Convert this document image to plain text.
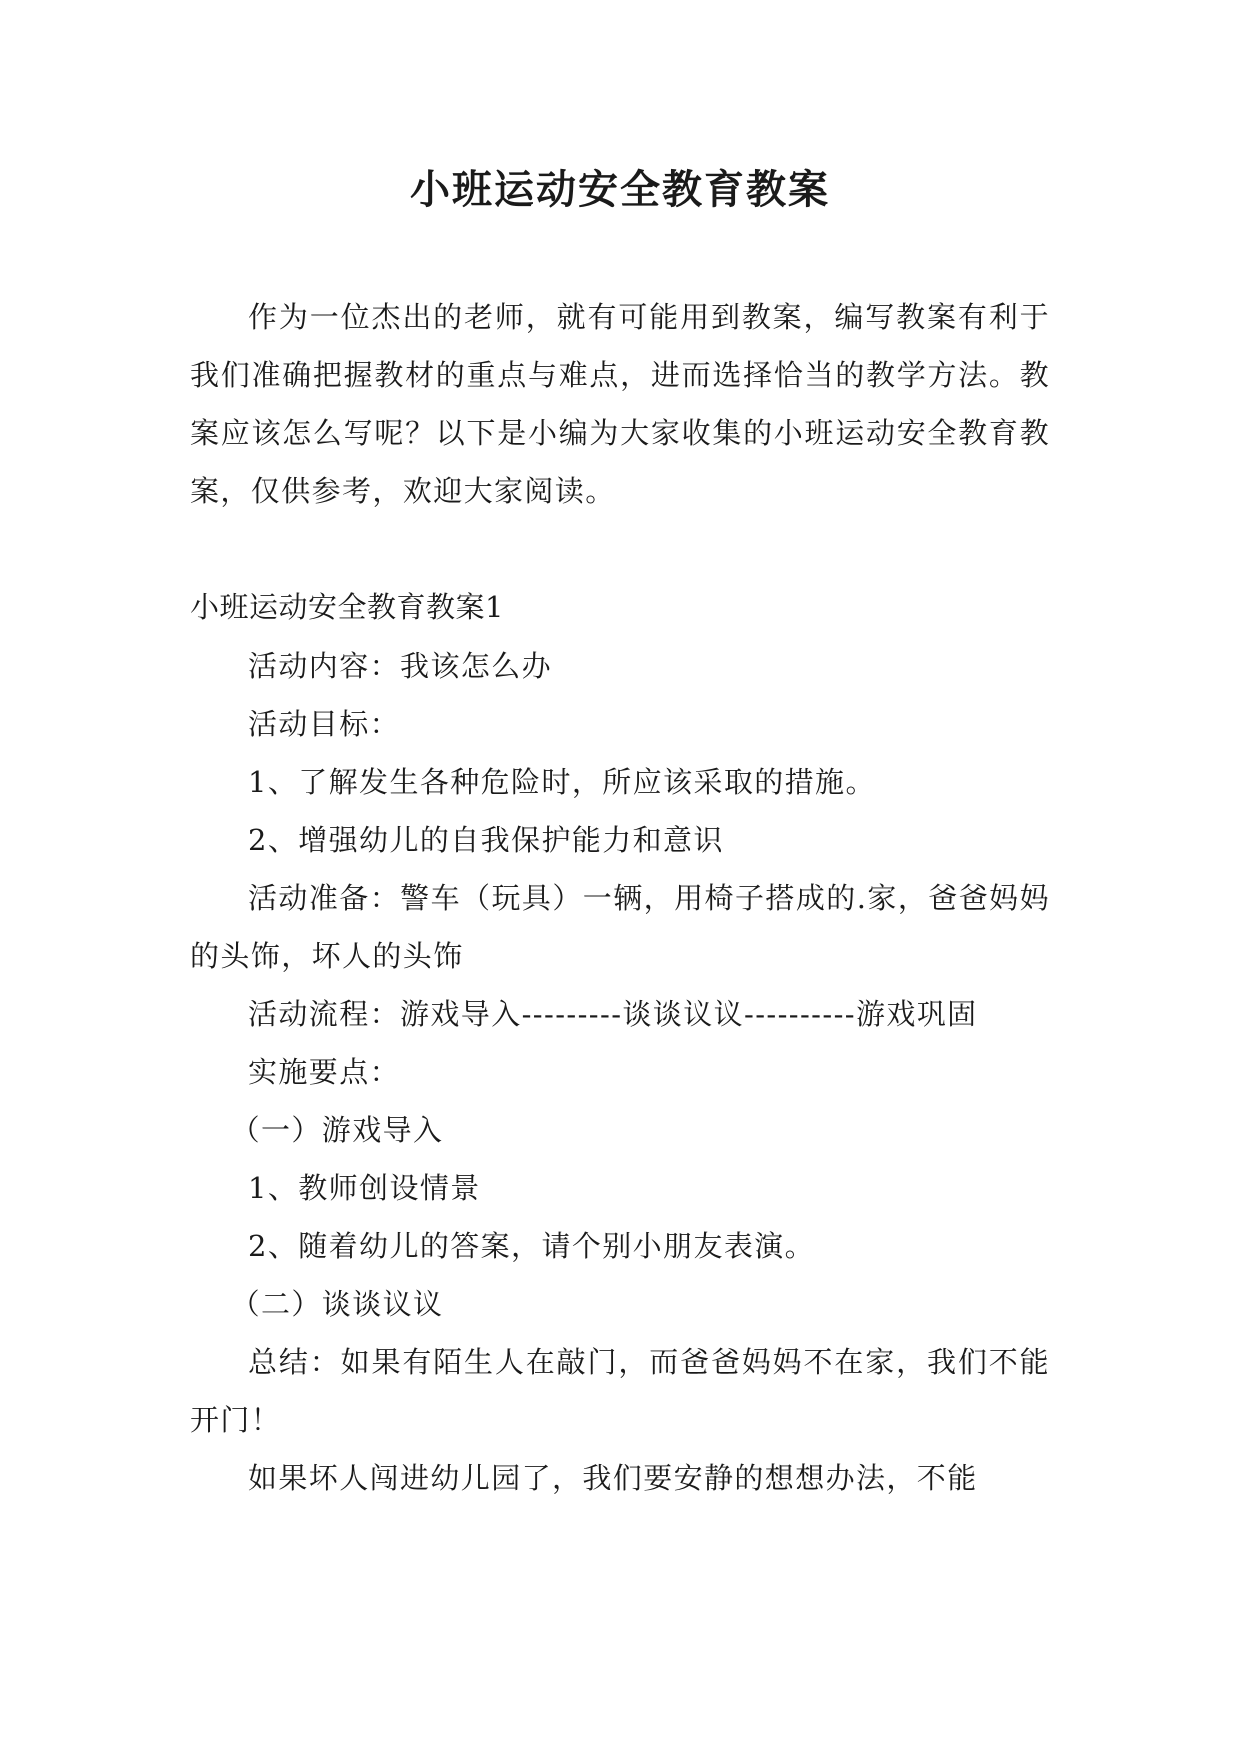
小班运动安全教育教案

作为一位杰出的老师，就有可能用到教案，编写教案有利于我们准确把握教材的重点与难点，进而选择恰当的教学方法。教案应该怎么写呢？以下是小编为大家收集的小班运动安全教育教案，仅供参考，欢迎大家阅读。

小班运动安全教育教案1

活动内容：我该怎么办

活动目标：

1、了解发生各种危险时，所应该采取的措施。

2、增强幼儿的自我保护能力和意识

活动准备：警车（玩具）一辆，用椅子搭成的.家，爸爸妈妈的头饰，坏人的头饰

活动流程：游戏导入---------谈谈议议----------游戏巩固

实施要点：

（一）游戏导入

1、教师创设情景

2、随着幼儿的答案，请个别小朋友表演。

（二）谈谈议议

总结：如果有陌生人在敲门，而爸爸妈妈不在家，我们不能开门！

如果坏人闯进幼儿园了，我们要安静的想想办法，不能
